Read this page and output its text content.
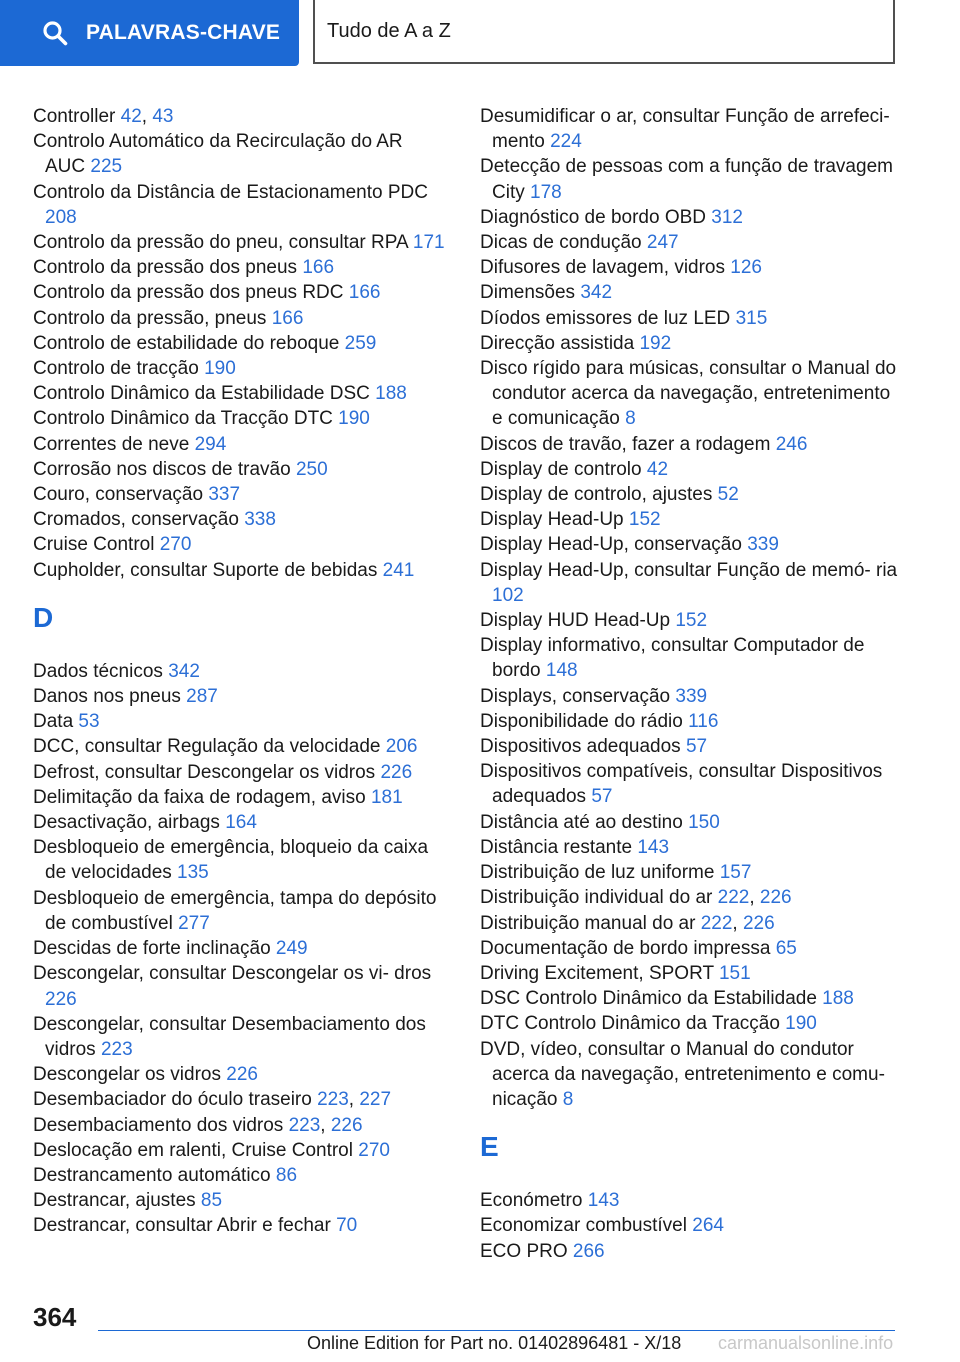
PALAVRAS-CHAVE Tudo de A a Z

Controller 42, 43

Controlo Automático da Recirculação do AR AUC 225

Controlo da Distância de Estacionamento PDC 208

Controlo da pressão do pneu, consultar RPA 171

Controlo da pressão dos pneus 166

Controlo da pressão dos pneus RDC 166

Controlo da pressão, pneus 166

Controlo de estabilidade do reboque 259

Controlo de tracção 190

Controlo Dinâmico da Estabilidade DSC 188

Controlo Dinâmico da Tracção DTC 190

Correntes de neve 294

Corrosão nos discos de travão 250

Couro, conservação 337

Cromados, conservação 338

Cruise Control 270

Cupholder, consultar Suporte de bebidas 241

D

Dados técnicos 342

Danos nos pneus 287

Data 53

DCC, consultar Regulação da velocidade 206

Defrost, consultar Descongelar os vidros 226

Delimitação da faixa de rodagem, aviso 181

Desactivação, airbags 164

Desbloqueio de emergência, bloqueio da caixa de velocidades 135

Desbloqueio de emergência, tampa do depósito de combustível 277

Descidas de forte inclinação 249

Descongelar, consultar Descongelar os vi‐ dros 226

Descongelar, consultar Desembaciamento dos vidros 223

Descongelar os vidros 226

Desembaciador do óculo traseiro 223, 227

Desembaciamento dos vidros 223, 226

Deslocação em ralenti, Cruise Control 270

Destrancamento automático 86

Destrancar, ajustes 85

Destrancar, consultar Abrir e fechar 70

Desumidificar o ar, consultar Função de arrefeci‐ mento 224

Detecção de pessoas com a função de travagem City 178

Diagnóstico de bordo OBD 312

Dicas de condução 247

Difusores de lavagem, vidros 126

Dimensões 342

Díodos emissores de luz LED 315

Direcção assistida 192

Disco rígido para músicas, consultar o Manual do condutor acerca da navegação, entretenimento e comunicação 8

Discos de travão, fazer a rodagem 246

Display de controlo 42

Display de controlo, ajustes 52

Display Head-Up 152

Display Head-Up, conservação 339

Display Head-Up, consultar Função de memó‐ ria 102

Display HUD Head-Up 152

Display informativo, consultar Computador de bordo 148

Displays, conservação 339

Disponibilidade do rádio 116

Dispositivos adequados 57

Dispositivos compatíveis, consultar Dispositivos adequados 57

Distância até ao destino 150

Distância restante 143

Distribuição de luz uniforme 157

Distribuição individual do ar 222, 226

Distribuição manual do ar 222, 226

Documentação de bordo impressa 65

Driving Excitement, SPORT 151

DSC Controlo Dinâmico da Estabilidade 188

DTC Controlo Dinâmico da Tracção 190

DVD, vídeo, consultar o Manual do condutor acerca da navegação, entretenimento e comu‐ nicação 8

E

Económetro 143

Economizar combustível 264

ECO PRO 266

364
Online Edition for Part no. 01402896481 - X/18 carmanualsonline.info
